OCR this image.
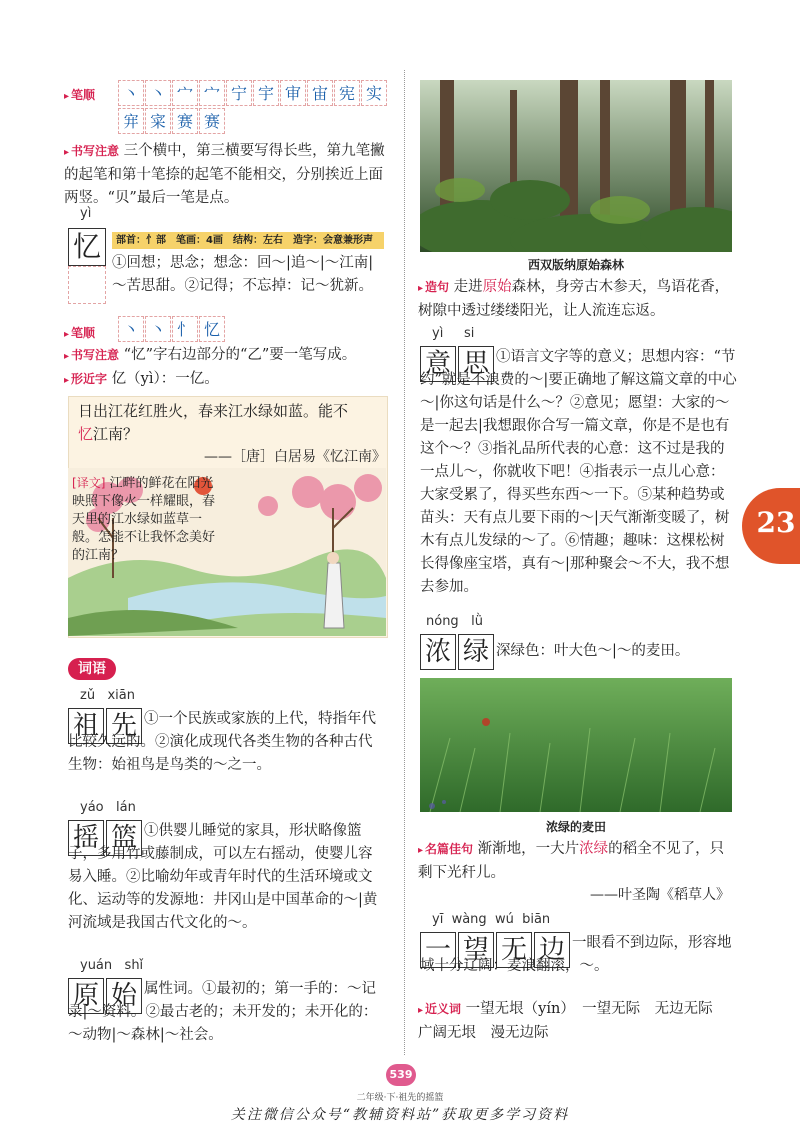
▸ 笔顺	丶 丶 宀 宀 宁 宇 审 宙 宪 实
宑 寀 赛 赛
▸ 书写注意 三个横中，第三横要写得长些，第九笔撇的起笔和第十笔捺的起笔不能相交，分别挨近上面两竖。“贝”最后一笔是点。
yì
忆	部首：忄部　笔画：4画　结构：左右　造字：会意兼形声
①回想；思念；想念：回～|追～|～江南|～苦思甜。②记得；不忘掉：记～犹新。
▸ 笔顺	丶 丶 忄 忆
▸ 书写注意 “忆”字右边部分的“乙”要一笔写成。
▸ 形近字 亿（yì）：一亿。
日出江花红胜火，春来江水绿如蓝。能不
忆江南？
——［唐］白居易《忆江南》
[译文] 江畔的鲜花在阳光映照下像火一样耀眼，春天里的江水绿如蓝草一般。怎能不让我怀念美好的江南？
词语
zǔ xiān
祖 先 ①一个民族或家族的上代，特指年代比较久远的。②演化成现代各类生物的各种古代生物：始祖鸟是鸟类的～之一。
yáo lán
摇 篮 ①供婴儿睡觉的家具，形状略像篮子，多用竹或藤制成，可以左右摇动，使婴儿容易入睡。②比喻幼年或青年时代的生活环境或文化、运动等的发源地：井冈山是中国革命的～|黄河流域是我国古代文化的～。
yuán shǐ
原 始 属性词。①最初的；第一手的：～记录|～资料。②最古老的；未开发的；未开化的：～动物|～森林|～社会。
西双版纳原始森林
▸ 造句 走进原始森林，身旁古木参天，鸟语花香，树隙中透过缕缕阳光，让人流连忘返。
yì si
意 思 ①语言文字等的意义；思想内容：“节约”就是不浪费的～|要正确地了解这篇文章的中心～|你这句话是什么～？②意见；愿望：大家的～是一起去|我想跟你合写一篇文章，你是不是也有这个～？③指礼品所代表的心意：这不过是我的一点儿～，你就收下吧！④指表示一点儿心意：大家受累了，得买些东西～一下。⑤某种趋势或苗头：天有点儿要下雨的～|天气渐渐变暖了，树木有点儿发绿的～了。⑥情趣；趣味：这棵松树长得像座宝塔，真有～|那种聚会～不大，我不想去参加。
nóng lǜ
浓 绿 深绿色：叶大色～|～的麦田。
浓绿的麦田
▸ 名篇佳句 渐渐地，一大片浓绿的稻全不见了，只剩下光秆儿。
——叶圣陶《稻草人》
yī wàng wú biān
一 望 无 边 一眼看不到边际，形容地域十分辽阔：麦浪翻滚，～。
▸ 近义词 一望无垠（yín）　一望无际　无边无际　广阔无垠　漫无边际
23
539
二年级·下·祖先的摇篮
关注微信公众号“教辅资料站”获取更多学习资料
